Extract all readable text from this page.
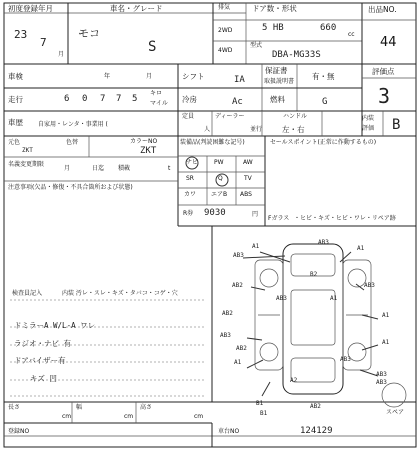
初度登録年月
23
7
月
車名・グレード
モコ
S
排気
2WD
4WD
ドア数・形状
5 HB	660
cc
型式
DBA-MG33S
出品NO.
44
車検	年	月	シフト	IA
保証書
取扱説明書
有・無
評価点
3
走行	6 0 7 7 5
キロ
マイル 冷房	Ac	燃料	G
車歴	自家用・レンタ・事業用 (
定員
人
ディーラー
並行
ハンドル
左・右
内装
評価 B
元色
ZKT
色替	カラーNO
ZKT
名義変更期限
月	日迄 積載	t
注意事項(欠品・修復・不具合箇所および状態)
装備品(判読困難な記号)
ナビ	PW	AW
SR	Q	TV
カワ エアB ABS
R券 9030	円
セールスポイント(正常に作動するもの)
Fガラス ・ヒビ・キズ・ヒビ・ワレ・リペア跡
検査員記入	内装 汚レ・スレ・キズ・タバコ・コゲ・穴
ドミラーA W/L-A ワレ
ラジオ・ナビ 有
ドアバイザー有
キズ 凹
A1
AB3
B2
AB3
AB2
A1
AB3
A1
AB2
AB3
A1
A1
AB3
B1	AB2
AB3
A2
B1
AB2
AB3
A1
AB3
スペア
長さ
cm
幅
cm
高さ
cm
登録NO	車台NO	124129
